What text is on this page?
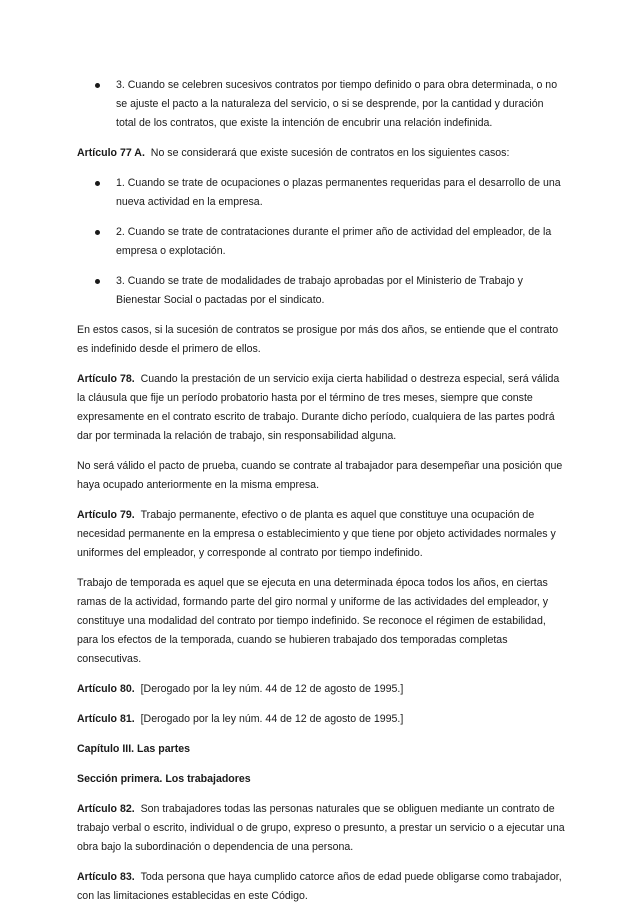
3. Cuando se celebren sucesivos contratos por tiempo definido o para obra determinada, o no se ajuste el pacto a la naturaleza del servicio, o si se desprende, por la cantidad y duración total de los contratos, que existe la intención de encubrir una relación indefinida.

Artículo 77 A. No se considerará que existe sucesión de contratos en los siguientes casos:

1. Cuando se trate de ocupaciones o plazas permanentes requeridas para el desarrollo de una nueva actividad en la empresa.
2. Cuando se trate de contrataciones durante el primer año de actividad del empleador, de la empresa o explotación.
3. Cuando se trate de modalidades de trabajo aprobadas por el Ministerio de Trabajo y Bienestar Social o pactadas por el sindicato.

En estos casos, si la sucesión de contratos se prosigue por más dos años, se entiende que el contrato es indefinido desde el primero de ellos.

Artículo 78. Cuando la prestación de un servicio exija cierta habilidad o destreza especial, será válida la cláusula que fije un período probatorio hasta por el término de tres meses, siempre que conste expresamente en el contrato escrito de trabajo. Durante dicho período, cualquiera de las partes podrá dar por terminada la relación de trabajo, sin responsabilidad alguna.

No será válido el pacto de prueba, cuando se contrate al trabajador para desempeñar una posición que haya ocupado anteriormente en la misma empresa.

Artículo 79. Trabajo permanente, efectivo o de planta es aquel que constituye una ocupación de necesidad permanente en la empresa o establecimiento y que tiene por objeto actividades normales y uniformes del empleador, y corresponde al contrato por tiempo indefinido.

Trabajo de temporada es aquel que se ejecuta en una determinada época todos los años, en ciertas ramas de la actividad, formando parte del giro normal y uniforme de las actividades del empleador, y constituye una modalidad del contrato por tiempo indefinido. Se reconoce el régimen de estabilidad, para los efectos de la temporada, cuando se hubieren trabajado dos temporadas completas consecutivas.

Artículo 80. [Derogado por la ley núm. 44 de 12 de agosto de 1995.]

Artículo 81. [Derogado por la ley núm. 44 de 12 de agosto de 1995.]

Capítulo III. Las partes

Sección primera. Los trabajadores

Artículo 82. Son trabajadores todas las personas naturales que se obliguen mediante un contrato de trabajo verbal o escrito, individual o de grupo, expreso o presunto, a prestar un servicio o a ejecutar una obra bajo la subordinación o dependencia de una persona.

Artículo 83. Toda persona que haya cumplido catorce años de edad puede obligarse como trabajador, con las limitaciones establecidas en este Código.
